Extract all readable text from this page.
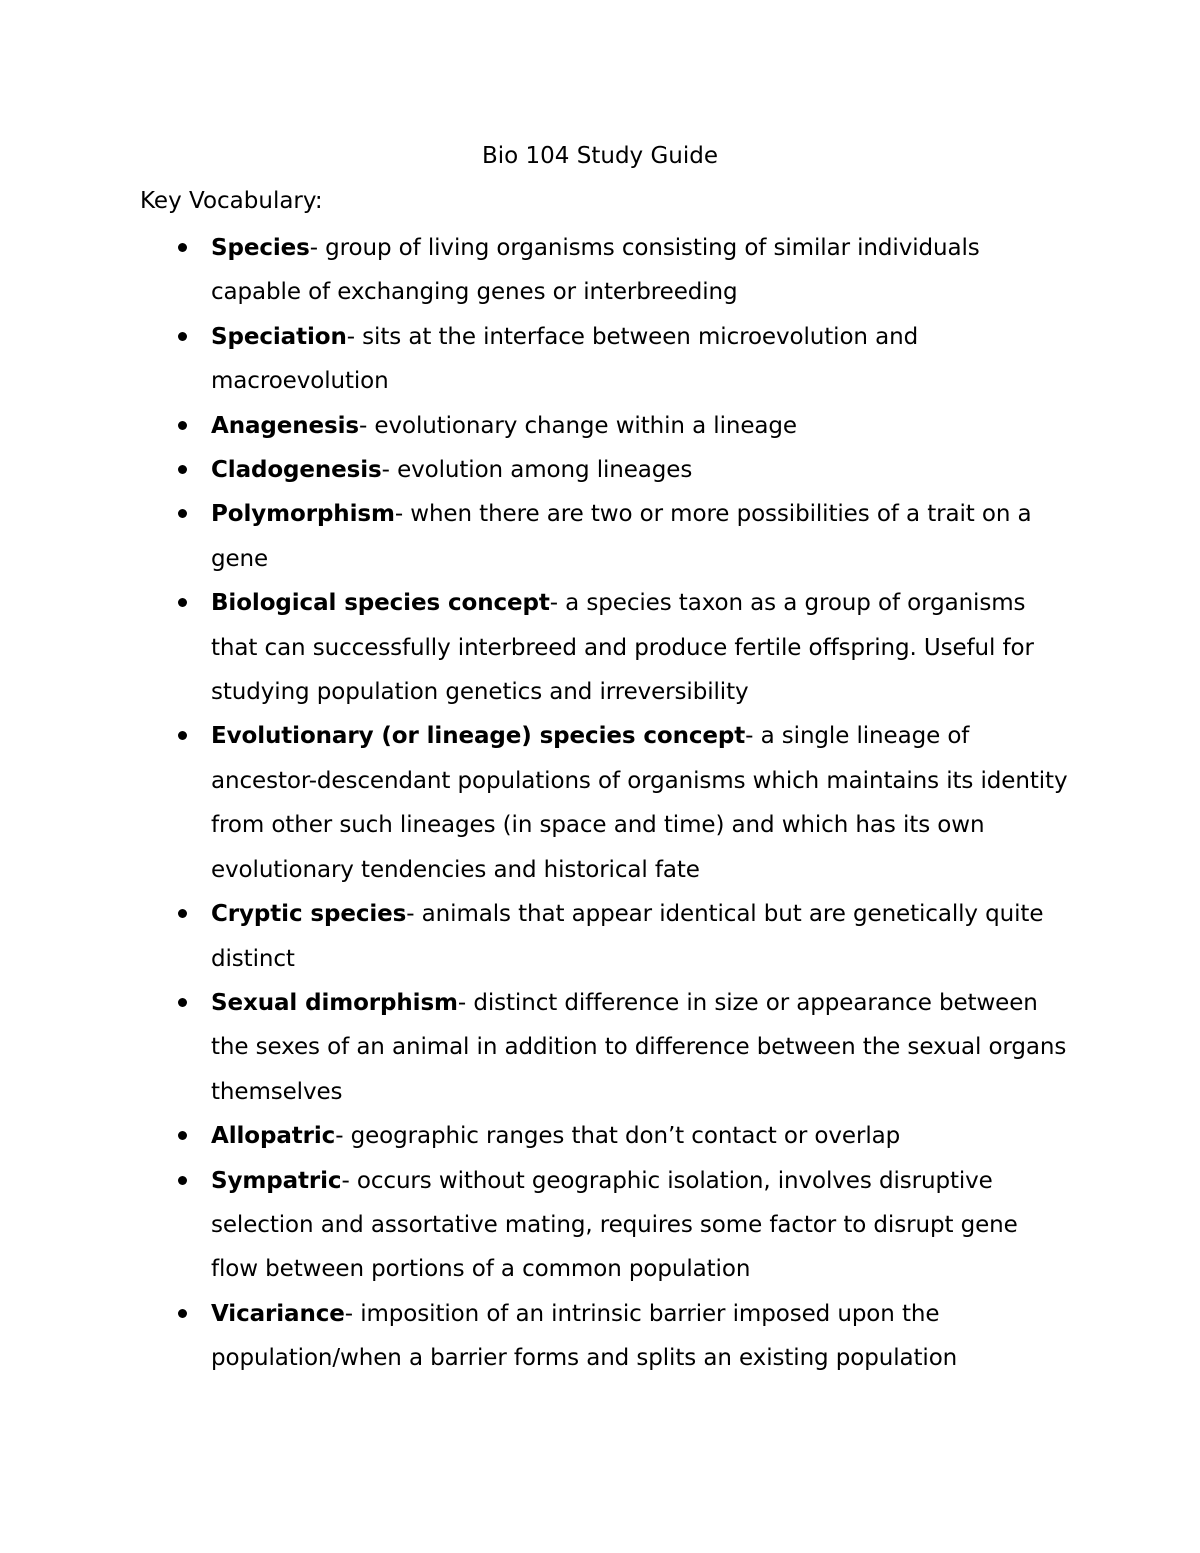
Bio 104 Study Guide

Key Vocabulary:

Species- group of living organisms consisting of similar individuals capable of exchanging genes or interbreeding
Speciation- sits at the interface between microevolution and macroevolution
Anagenesis- evolutionary change within a lineage
Cladogenesis- evolution among lineages
Polymorphism- when there are two or more possibilities of a trait on a gene
Biological species concept- a species taxon as a group of organisms that can successfully interbreed and produce fertile offspring. Useful for studying population genetics and irreversibility
Evolutionary (or lineage) species concept- a single lineage of ancestor-descendant populations of organisms which maintains its identity from other such lineages (in space and time) and which has its own evolutionary tendencies and historical fate
Cryptic species- animals that appear identical but are genetically quite distinct
Sexual dimorphism- distinct difference in size or appearance between the sexes of an animal in addition to difference between the sexual organs themselves
Allopatric- geographic ranges that don’t contact or overlap
Sympatric- occurs without geographic isolation, involves disruptive selection and assortative mating, requires some factor to disrupt gene flow between portions of a common population
Vicariance- imposition of an intrinsic barrier imposed upon the population/when a barrier forms and splits an existing population
